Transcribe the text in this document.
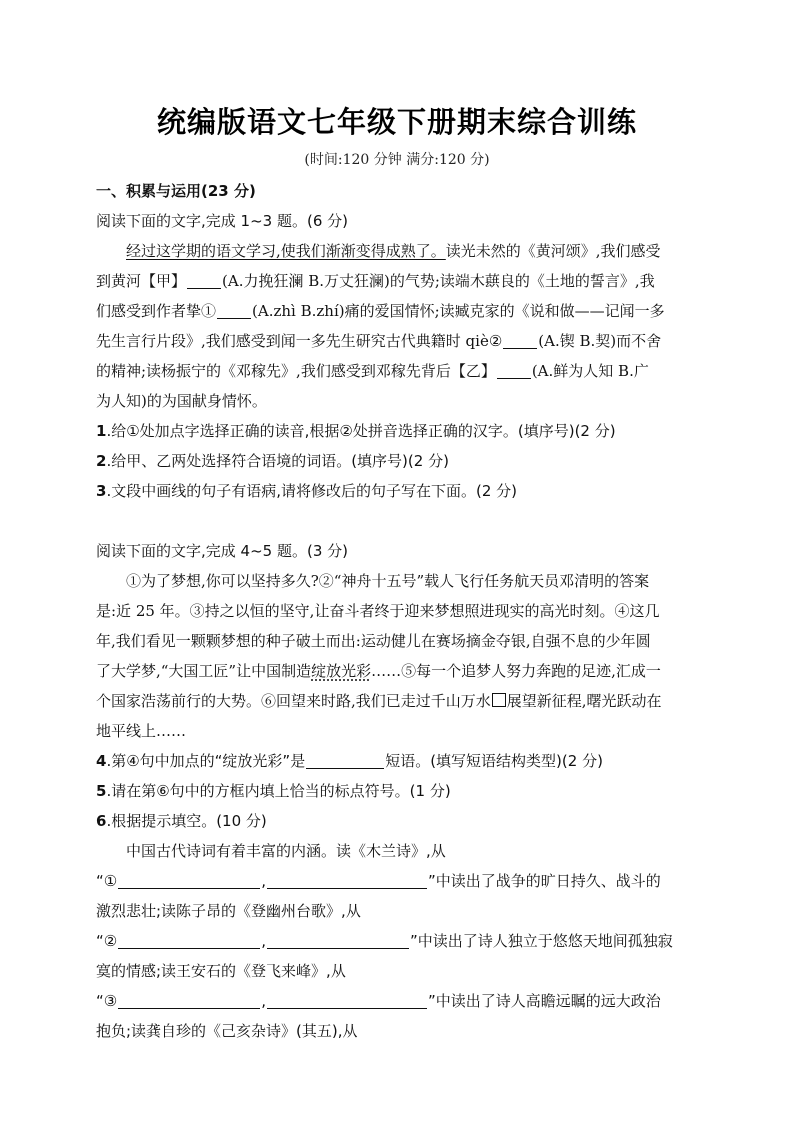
统编版语文七年级下册期末综合训练
(时间:120 分钟 满分:120 分)
一、积累与运用(23 分)
阅读下面的文字,完成 1~3 题。(6 分)
经过这学期的语文学习,使我们渐渐变得成熟了。读光未然的《黄河颂》,我们感受
到黄河【甲】 (A.力挽狂澜 B.万丈狂澜)的气势;读端木蕻良的《土地的誓言》,我
们感受到作者挚① (A.zhì B.zhí)痛的爱国情怀;读臧克家的《说和做——记闻一多
先生言行片段》,我们感受到闻一多先生研究古代典籍时 qiè② (A.锲 B.契)而不舍
的精神;读杨振宁的《邓稼先》,我们感受到邓稼先背后【乙】 (A.鲜为人知 B.广
为人知)的为国献身情怀。
1.给①处加点字选择正确的读音,根据②处拼音选择正确的汉字。(填序号)(2 分)
2.给甲、乙两处选择符合语境的词语。(填序号)(2 分)
3.文段中画线的句子有语病,请将修改后的句子写在下面。(2 分)
阅读下面的文字,完成 4~5 题。(3 分)
①为了梦想,你可以坚持多久?②“神舟十五号”载人飞行任务航天员邓清明的答案
是:近 25 年。③持之以恒的坚守,让奋斗者终于迎来梦想照进现实的高光时刻。④这几
年,我们看见一颗颗梦想的种子破土而出:运动健儿在赛场摘金夺银,自强不息的少年圆
了大学梦,“大国工匠”让中国制造绽放光彩……⑤每一个追梦人努力奔跑的足迹,汇成一
个国家浩荡前行的大势。⑥回望来时路,我们已走过千山万水 展望新征程,曙光跃动在
地平线上……
4.第④句中加点的“绽放光彩”是	短语。(填写短语结构类型)(2 分)
5.请在第⑥句中的方框内填上恰当的标点符号。(1 分)
6.根据提示填空。(10 分)
中国古代诗词有着丰富的内涵。读《木兰诗》,从
“①	,	”中读出了战争的旷日持久、战斗的
激烈悲壮;读陈子昂的《登幽州台歌》,从
“②	,	”中读出了诗人独立于悠悠天地间孤独寂
寞的情感;读王安石的《登飞来峰》,从
“③	,	”中读出了诗人高瞻远瞩的远大政治
抱负;读龚自珍的《己亥杂诗》(其五),从
